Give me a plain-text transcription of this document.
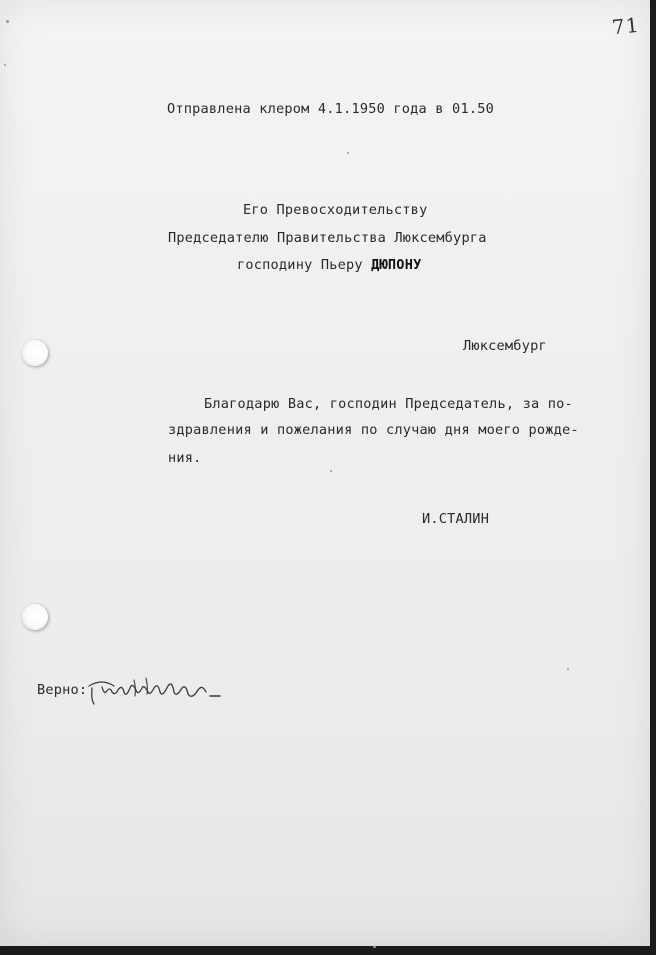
71
Отправлена клером 4.1.1950 года в 01.50
Его Превосходительству
Председателю Правительства Люксембурга
господину Пьеру ДЮПОНУ
Люксембург
Благодарю Вас, господин Председатель, за по-
здравления и пожелания по случаю дня моего рожде-
ния.
И.СТАЛИН
Верно:
